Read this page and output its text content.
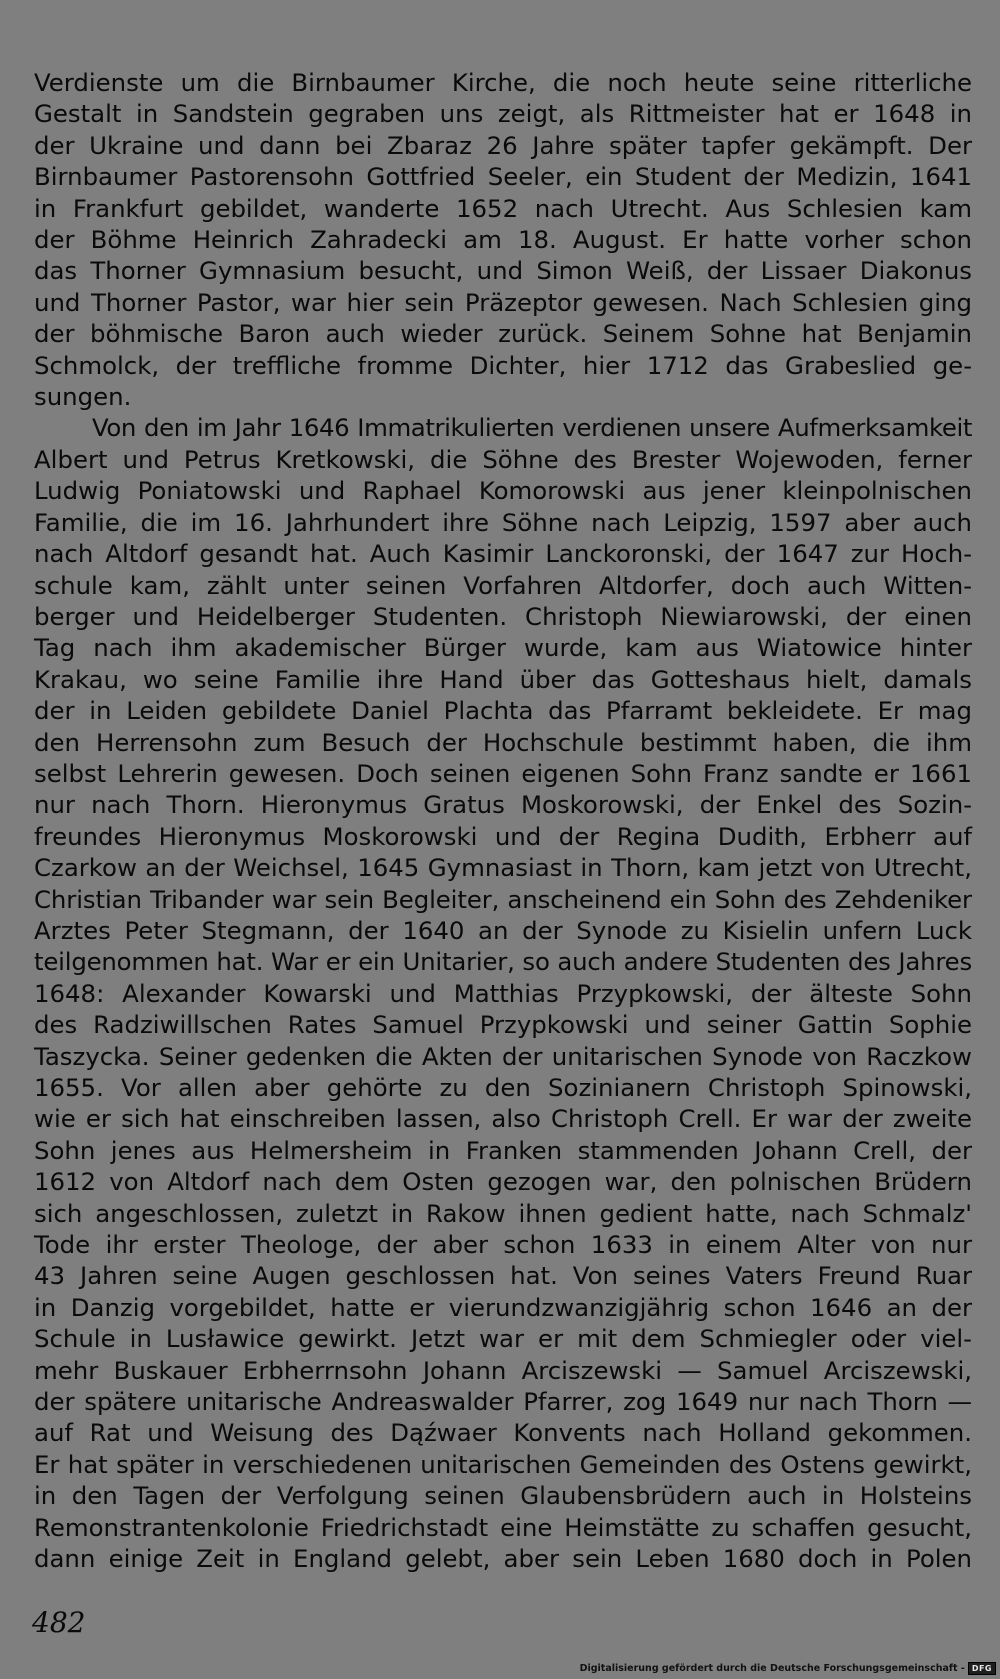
Verdienste um die Birnbaumer Kirche, die noch heute seine ritterliche
Gestalt in Sandstein gegraben uns zeigt, als Rittmeister hat er 1648 in
der Ukraine und dann bei Zbaraz 26 Jahre später tapfer gekämpft. Der
Birnbaumer Pastorensohn Gottfried Seeler, ein Student der Medizin, 1641
in Frankfurt gebildet, wanderte 1652 nach Utrecht. Aus Schlesien kam
der Böhme Heinrich Zahradecki am 18. August. Er hatte vorher schon
das Thorner Gymnasium besucht, und Simon Weiß, der Lissaer Diakonus
und Thorner Pastor, war hier sein Präzeptor gewesen. Nach Schlesien ging
der böhmische Baron auch wieder zurück. Seinem Sohne hat Benjamin
Schmolck, der treffliche fromme Dichter, hier 1712 das Grabeslied ge-
sungen.
Von den im Jahr 1646 Immatrikulierten verdienen unsere Aufmerksamkeit
Albert und Petrus Kretkowski, die Söhne des Brester Wojewoden, ferner
Ludwig Poniatowski und Raphael Komorowski aus jener kleinpolnischen
Familie, die im 16. Jahrhundert ihre Söhne nach Leipzig, 1597 aber auch
nach Altdorf gesandt hat. Auch Kasimir Lanckoronski, der 1647 zur Hoch-
schule kam, zählt unter seinen Vorfahren Altdorfer, doch auch Witten-
berger und Heidelberger Studenten. Christoph Niewiarowski, der einen
Tag nach ihm akademischer Bürger wurde, kam aus Wiatowice hinter
Krakau, wo seine Familie ihre Hand über das Gotteshaus hielt, damals
der in Leiden gebildete Daniel Plachta das Pfarramt bekleidete. Er mag
den Herrensohn zum Besuch der Hochschule bestimmt haben, die ihm
selbst Lehrerin gewesen. Doch seinen eigenen Sohn Franz sandte er 1661
nur nach Thorn. Hieronymus Gratus Moskorowski, der Enkel des Sozin-
freundes Hieronymus Moskorowski und der Regina Dudith, Erbherr auf
Czarkow an der Weichsel, 1645 Gymnasiast in Thorn, kam jetzt von Utrecht,
Christian Tribander war sein Begleiter, anscheinend ein Sohn des Zehdeniker
Arztes Peter Stegmann, der 1640 an der Synode zu Kisielin unfern Luck
teilgenommen hat. War er ein Unitarier, so auch andere Studenten des Jahres
1648: Alexander Kowarski und Matthias Przypkowski, der älteste Sohn
des Radziwillschen Rates Samuel Przypkowski und seiner Gattin Sophie
Taszycka. Seiner gedenken die Akten der unitarischen Synode von Raczkow
1655. Vor allen aber gehörte zu den Sozinianern Christoph Spinowski,
wie er sich hat einschreiben lassen, also Christoph Crell. Er war der zweite
Sohn jenes aus Helmersheim in Franken stammenden Johann Crell, der
1612 von Altdorf nach dem Osten gezogen war, den polnischen Brüdern
sich angeschlossen, zuletzt in Rakow ihnen gedient hatte, nach Schmalz'
Tode ihr erster Theologe, der aber schon 1633 in einem Alter von nur
43 Jahren seine Augen geschlossen hat. Von seines Vaters Freund Ruar
in Danzig vorgebildet, hatte er vierundzwanzigjährig schon 1646 an der
Schule in Lusławice gewirkt. Jetzt war er mit dem Schmiegler oder viel-
mehr Buskauer Erbherrnsohn Johann Arciszewski — Samuel Arciszewski,
der spätere unitarische Andreaswalder Pfarrer, zog 1649 nur nach Thorn —
auf Rat und Weisung des Dąźwaer Konvents nach Holland gekommen.
Er hat später in verschiedenen unitarischen Gemeinden des Ostens gewirkt,
in den Tagen der Verfolgung seinen Glaubensbrüdern auch in Holsteins
Remonstrantenkolonie Friedrichstadt eine Heimstätte zu schaffen gesucht,
dann einige Zeit in England gelebt, aber sein Leben 1680 doch in Polen
482
Digitalisierung gefördert durch die Deutsche Forschungsgemeinschaft - DFG
